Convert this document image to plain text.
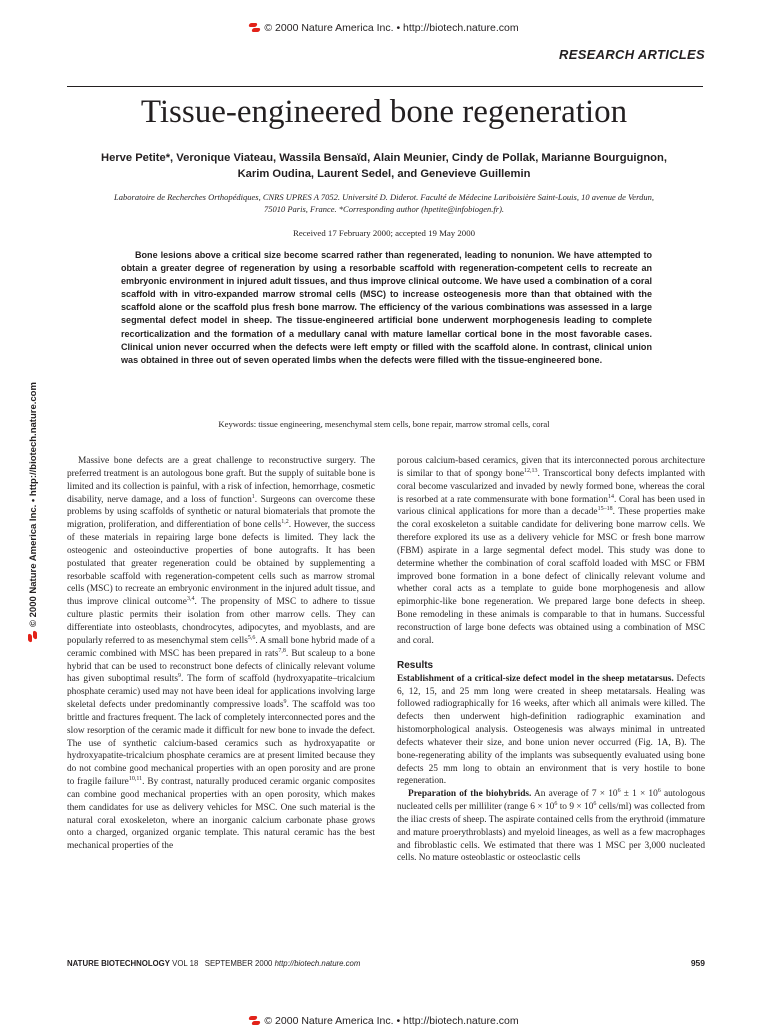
© 2000 Nature America Inc. • http://biotech.nature.com
RESEARCH ARTICLES
Tissue-engineered bone regeneration
Herve Petite*, Veronique Viateau, Wassila Bensaïd, Alain Meunier, Cindy de Pollak, Marianne Bourguignon,
Karim Oudina, Laurent Sedel, and Genevieve Guillemin
Laboratoire de Recherches Orthopédiques, CNRS UPRES A 7052. Université D. Diderot. Faculté de Médecine Lariboisière Saint-Louis, 10 avenue de Verdun,
75010 Paris, France. *Corresponding author (hpetite@infobiogen.fr).
Received 17 February 2000; accepted 19 May 2000

Bone lesions above a critical size become scarred rather than regenerated, leading to nonunion. We have attempted to obtain a greater degree of regeneration by using a resorbable scaffold with regeneration-competent cells to recreate an embryonic environment in injured adult tissues, and thus improve clinical outcome. We have used a combination of a coral scaffold with in vitro-expanded marrow stromal cells (MSC) to increase osteogenesis more than that obtained with the scaffold alone or the scaffold plus fresh bone marrow. The efficiency of the various combinations was assessed in a large segmental defect model in sheep. The tissue-engineered artificial bone underwent morphogenesis leading to complete recorticalization and the formation of a medullary canal with mature lamellar cortical bone in the most favorable cases. Clinical union never occurred when the defects were left empty or filled with the scaffold alone. In contrast, clinical union was obtained in three out of seven operated limbs when the defects were filled with the tissue-engineered bone.

Keywords: tissue engineering, mesenchymal stem cells, bone repair, marrow stromal cells, coral

Massive bone defects are a great challenge to reconstructive surgery. The preferred treatment is an autologous bone graft. But the supply of suitable bone is limited and its collection is painful, with a risk of infection, hemorrhage, cosmetic disability, nerve damage, and a loss of function$^1$. Surgeons can overcome these problems by using scaffolds of synthetic or natural biomaterials that promote the migration, proliferation, and differentiation of bone cells$^{1,2}$. However, the success of these materials in repairing large bone defects is limited. They lack the osteogenic and osteoinductive properties of bone autografts. It has been postulated that greater regeneration could be obtained by supplementing a resorbable scaffold with regeneration-competent cells such as marrow stromal cells (MSC) to recreate an embryonic environment in the injured adult tissue, and thus improve clinical outcome$^{3,4}$. The propensity of MSC to adhere to tissue culture plastic permits their isolation from other marrow cells. They can differentiate into osteoblasts, chondrocytes, adipocytes, and myoblasts, and are popularly referred to as mesenchymal stem cells$^{5,6}$. A small bone hybrid made of a ceramic combined with MSC has been prepared in rats$^{7,8}$. But scaleup to a bone hybrid that can be used to reconstruct bone defects of clinically relevant volume has given suboptimal results$^9$. The form of scaffold (hydroxyapatite–tricalcium phosphate ceramic) used may not have been ideal for applications involving large skeletal defects under predominantly compressive loads$^9$. The scaffold was too brittle and fractures frequent. The lack of completely interconnected pores and the slow resorption of the ceramic made it difficult for new bone to invade the defect. The use of synthetic calcium-based ceramics such as hydroxyapatite or hydroxyapatite-tricalcium phosphate ceramics are at present limited because they do not combine good mechanical properties with an open porosity and are prone to fragile failure$^{10,11}$. By contrast, naturally produced ceramic organic composites can combine good mechanical properties with an open porosity, which makes them candidates for use as delivery vehicles for MSC. One such material is the natural coral exoskeleton, where an inorganic calcium carbonate phase grows onto a charged, organized organic template. This natural ceramic has the best mechanical properties of the

porous calcium-based ceramics, given that its interconnected porous architecture is similar to that of spongy bone$^{12,13}$. Transcortical bony defects implanted with coral become vascularized and invaded by newly formed bone, whereas the coral is resorbed at a rate commensurate with bone formation$^{14}$. Coral has been used in various clinical applications for more than a decade$^{15-18}$. These properties make the coral exoskeleton a suitable candidate for delivering bone marrow cells. We therefore explored its use as a delivery vehicle for MSC or fresh bone marrow (FBM) aspirate in a large segmental defect model. This study was done to determine whether the combination of coral scaffold loaded with MSC or FBM improved bone formation in a bone defect of clinically relevant volume and whether coral acts as a template to guide bone morphogenesis and allow epimorphic-like bone regeneration. We prepared large bone defects in sheep. Bone remodeling in these animals is comparable to that in humans. Successful reconstruction of large bone defects was obtained using a combination of MSC and coral.

Results

Establishment of a critical-size defect model in the sheep metatarsus. Defects 6, 12, 15, and 25 mm long were created in sheep metatarsals. Healing was followed radiographically for 16 weeks, after which all animals were killed. The defects then underwent high-definition radiographic examination and histomorphological analysis. Osteogenesis was always minimal in untreated defects whatever their size, and bone union never occurred (Fig. 1A, B). The bone-regenerating ability of the implants was subsequently evaluated using bone defects 25 mm long to obtain an environment that is very hostile to bone regeneration.

Preparation of the biohybrids. An average of $7 \times 10^6 \pm 1 \times 10^6$ autologous nucleated cells per milliliter (range $6 \times 10^6$ to $9 \times 10^6$ cells/ml) was collected from the iliac crests of sheep. The aspirate contained cells from the erythroid (immature and mature proerythroblasts) and myeloid lineages, as well as a few macrophages and fibroblastic cells. We estimated that there was 1 MSC per 3,000 nucleated cells. No mature osteoblastic or osteoclastic cells

© 2000 Nature America Inc. • http://biotech.nature.com
NATURE BIOTECHNOLOGY VOL 18   SEPTEMBER 2000 http://biotech.nature.com	959
© 2000 Nature America Inc. • http://biotech.nature.com
